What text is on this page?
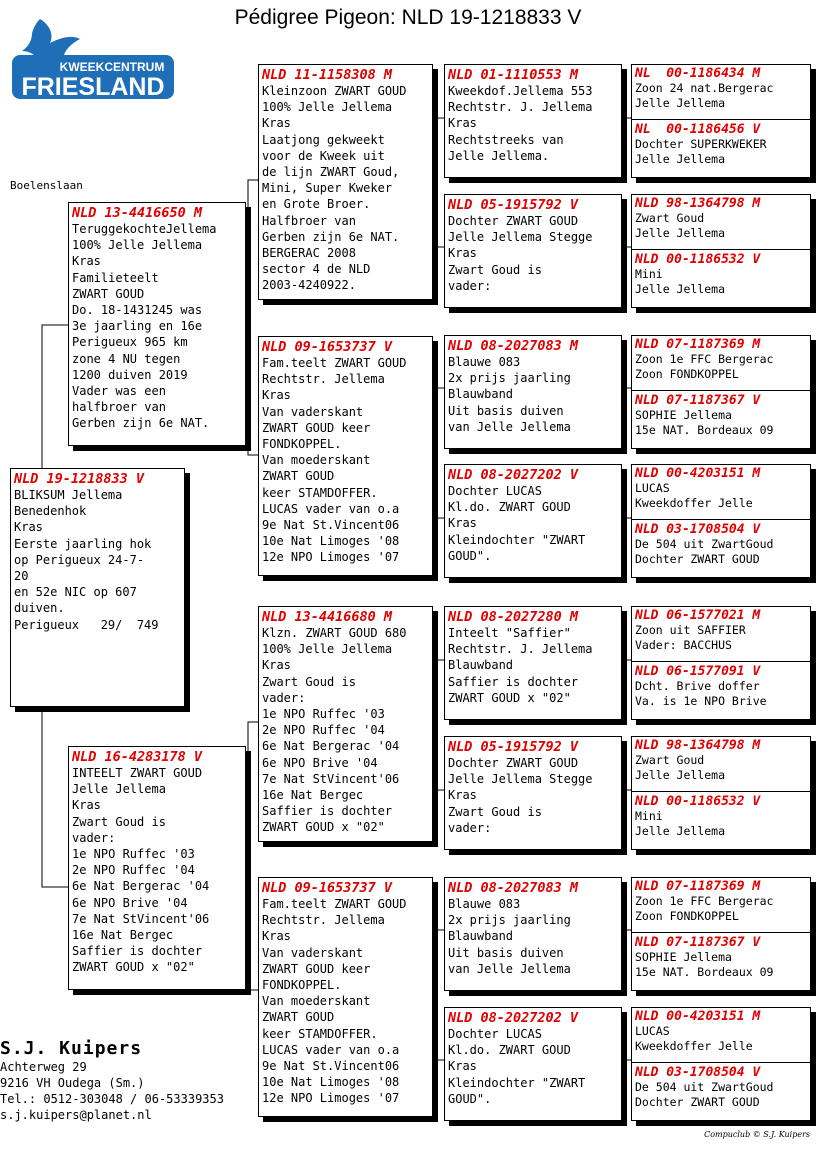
Pédigree Pigeon: NLD 19-1218833 V
KWEEKCENTRUM
FRIESLAND
Boelenslaan
NLD 19-1218833 V
BLIKSUM Jellema
Benedenhok
Kras
Eerste jaarling hok
op Perigueux 24-7-
20
en 52e NIC op 607
duiven.
Perigueux   29/  749
NLD 13-4416650 M
TeruggekochteJellema
100% Jelle Jellema
Kras
Familieteelt
ZWART GOUD
Do. 18-1431245 was
3e jaarling en 16e
Perigueux 965 km
zone 4 NU tegen
1200 duiven 2019
Vader was een
halfbroer van
Gerben zijn 6e NAT.
NLD 16-4283178 V
INTEELT ZWART GOUD
Jelle Jellema
Kras
Zwart Goud is
vader:
1e NPO Ruffec '03
2e NPO Ruffec '04
6e Nat Bergerac '04
6e NPO Brive '04
7e Nat StVincent'06
16e Nat Bergec
Saffier is dochter
ZWART GOUD x "02"
NLD 11-1158308 M
Kleinzoon ZWART GOUD
100% Jelle Jellema
Kras
Laatjong gekweekt
voor de Kweek uit
de lijn ZWART Goud,
Mini, Super Kweker
en Grote Broer.
Halfbroer van
Gerben zijn 6e NAT.
BERGERAC 2008
sector 4 de NLD
2003-4240922.
NLD 09-1653737 V
Fam.teelt ZWART GOUD
Rechtstr. Jellema
Kras
Van vaderskant
ZWART GOUD keer
FONDKOPPEL.
Van moederskant
ZWART GOUD
keer STAMDOFFER.
LUCAS vader van o.a
9e Nat St.Vincent06
10e Nat Limoges '08
12e NPO Limoges '07
NLD 13-4416680 M
Klzn. ZWART GOUD 680
100% Jelle Jellema
Kras
Zwart Goud is
vader:
1e NPO Ruffec '03
2e NPO Ruffec '04
6e Nat Bergerac '04
6e NPO Brive '04
7e Nat StVincent'06
16e Nat Bergec
Saffier is dochter
ZWART GOUD x "02"
NLD 09-1653737 V
Fam.teelt ZWART GOUD
Rechtstr. Jellema
Kras
Van vaderskant
ZWART GOUD keer
FONDKOPPEL.
Van moederskant
ZWART GOUD
keer STAMDOFFER.
LUCAS vader van o.a
9e Nat St.Vincent06
10e Nat Limoges '08
12e NPO Limoges '07
NLD 01-1110553 M
Kweekdof.Jellema 553
Rechtstr. J. Jellema
Kras
Rechtstreeks van
Jelle Jellema.
NLD 05-1915792 V
Dochter ZWART GOUD
Jelle Jellema Stegge
Kras
Zwart Goud is
vader:
NLD 08-2027083 M
Blauwe 083
2x prijs jaarling
Blauwband
Uit basis duiven
van Jelle Jellema
NLD 08-2027202 V
Dochter LUCAS
Kl.do. ZWART GOUD
Kras
Kleindochter "ZWART
GOUD".
NLD 08-2027280 M
Inteelt "Saffier"
Rechtstr. J. Jellema
Blauwband
Saffier is dochter
ZWART GOUD x "02"
NLD 05-1915792 V
Dochter ZWART GOUD
Jelle Jellema Stegge
Kras
Zwart Goud is
vader:
NLD 08-2027083 M
Blauwe 083
2x prijs jaarling
Blauwband
Uit basis duiven
van Jelle Jellema
NLD 08-2027202 V
Dochter LUCAS
Kl.do. ZWART GOUD
Kras
Kleindochter "ZWART
GOUD".
NL  00-1186434 M
Zoon 24 nat.Bergerac
Jelle Jellema
NL  00-1186456 V
Dochter SUPERKWEKER
Jelle Jellema
NLD 98-1364798 M
Zwart Goud
Jelle Jellema
NLD 00-1186532 V
Mini
Jelle Jellema
NLD 07-1187369 M
Zoon 1e FFC Bergerac
Zoon FONDKOPPEL
NLD 07-1187367 V
SOPHIE Jellema
15e NAT. Bordeaux 09
NLD 00-4203151 M
LUCAS
Kweekdoffer Jelle
NLD 03-1708504 V
De 504 uit ZwartGoud
Dochter ZWART GOUD
NLD 06-1577021 M
Zoon uit SAFFIER
Vader: BACCHUS
NLD 06-1577091 V
Dcht. Brive doffer
Va. is 1e NPO Brive
NLD 98-1364798 M
Zwart Goud
Jelle Jellema
NLD 00-1186532 V
Mini
Jelle Jellema
NLD 07-1187369 M
Zoon 1e FFC Bergerac
Zoon FONDKOPPEL
NLD 07-1187367 V
SOPHIE Jellema
15e NAT. Bordeaux 09
NLD 00-4203151 M
LUCAS
Kweekdoffer Jelle
NLD 03-1708504 V
De 504 uit ZwartGoud
Dochter ZWART GOUD
S.J. Kuipers
Achterweg 29
9216 VH Oudega (Sm.)
Tel.: 0512-303048 / 06-53339353
s.j.kuipers@planet.nl
Compuclub © S.J. Kuipers
